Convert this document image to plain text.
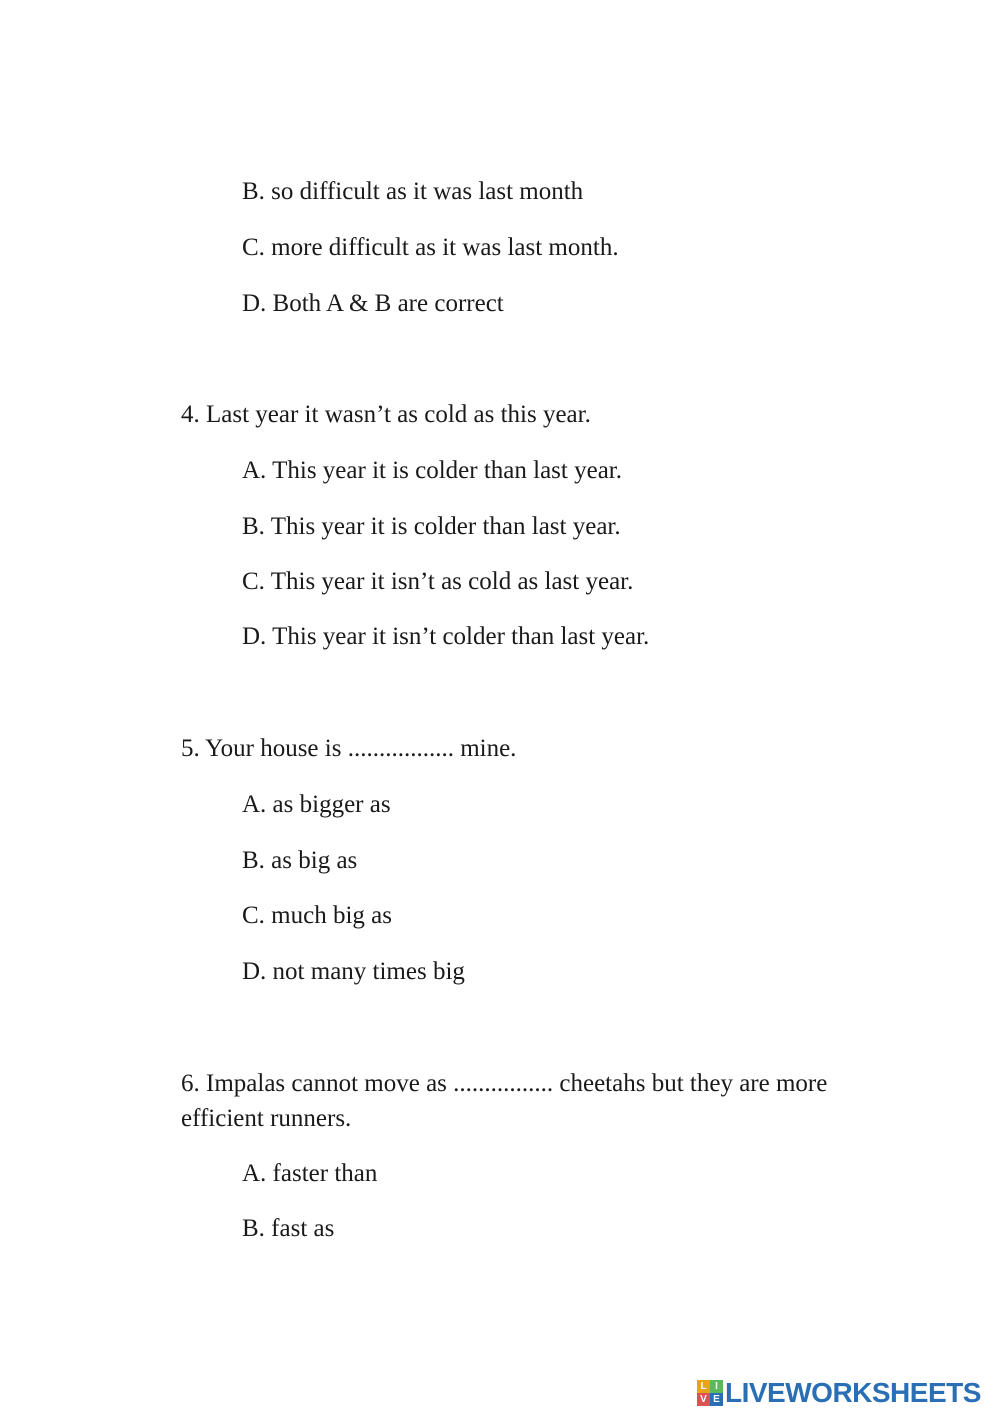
B. so difficult as it was last month
C. more difficult as it was last month.
D. Both A & B are correct
4. Last year it wasn’t as cold as this year.
A. This year it is colder than last year.
B. This year it is colder than last year.
C. This year it isn’t as cold as last year.
D. This year it isn’t colder than last year.
5. Your house is ................. mine.
A. as bigger as
B. as big as
C. much big as
D. not many times big
6. Impalas cannot move as ................ cheetahs but they are more efficient runners.
A. faster than
B. fast as
L I
V E LIVEWORKSHEETS
